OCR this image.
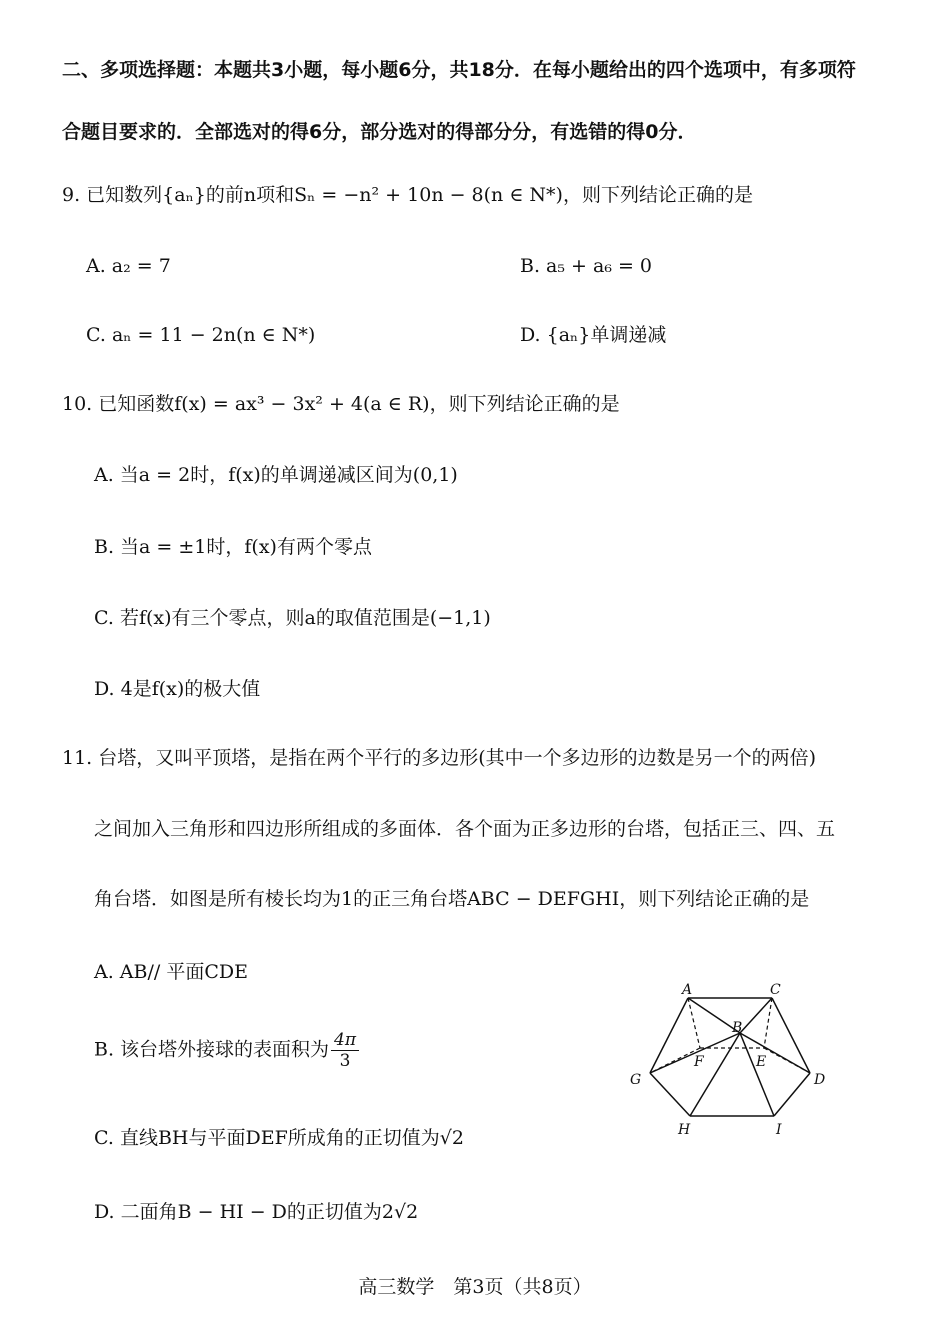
二、多项选择题：本题共3小题，每小题6分，共18分．在每小题给出的四个选项中，有多项符
合题目要求的．全部选对的得6分，部分选对的得部分分，有选错的得0分．
9. 已知数列{aₙ}的前n项和Sₙ = −n² + 10n − 8(n ∈ N*)，则下列结论正确的是
A. a₂ = 7	B. a₅ + a₆ = 0
C. aₙ = 11 − 2n(n ∈ N*)	D. {aₙ}单调递减
10. 已知函数f(x) = ax³ − 3x² + 4(a ∈ R)，则下列结论正确的是
A. 当a = 2时，f(x)的单调递减区间为(0,1)
B. 当a = ±1时，f(x)有两个零点
C. 若f(x)有三个零点，则a的取值范围是(−1,1)
D. 4是f(x)的极大值
11. 台塔，又叫平顶塔，是指在两个平行的多边形(其中一个多边形的边数是另一个的两倍)
之间加入三角形和四边形所组成的多面体．各个面为正多边形的台塔，包括正三、四、五
角台塔．如图是所有棱长均为1的正三角台塔ABC − DEFGHI，则下列结论正确的是
A. AB// 平面CDE
B. 该台塔外接球的表面积为 $\frac{4\pi}{3}$
C. 直线BH与平面DEF所成角的正切值为√2
D. 二面角B − HI − D的正切值为2√2
A	C
B
F	E
G	D
H	I
高三数学　第3页（共8页）
